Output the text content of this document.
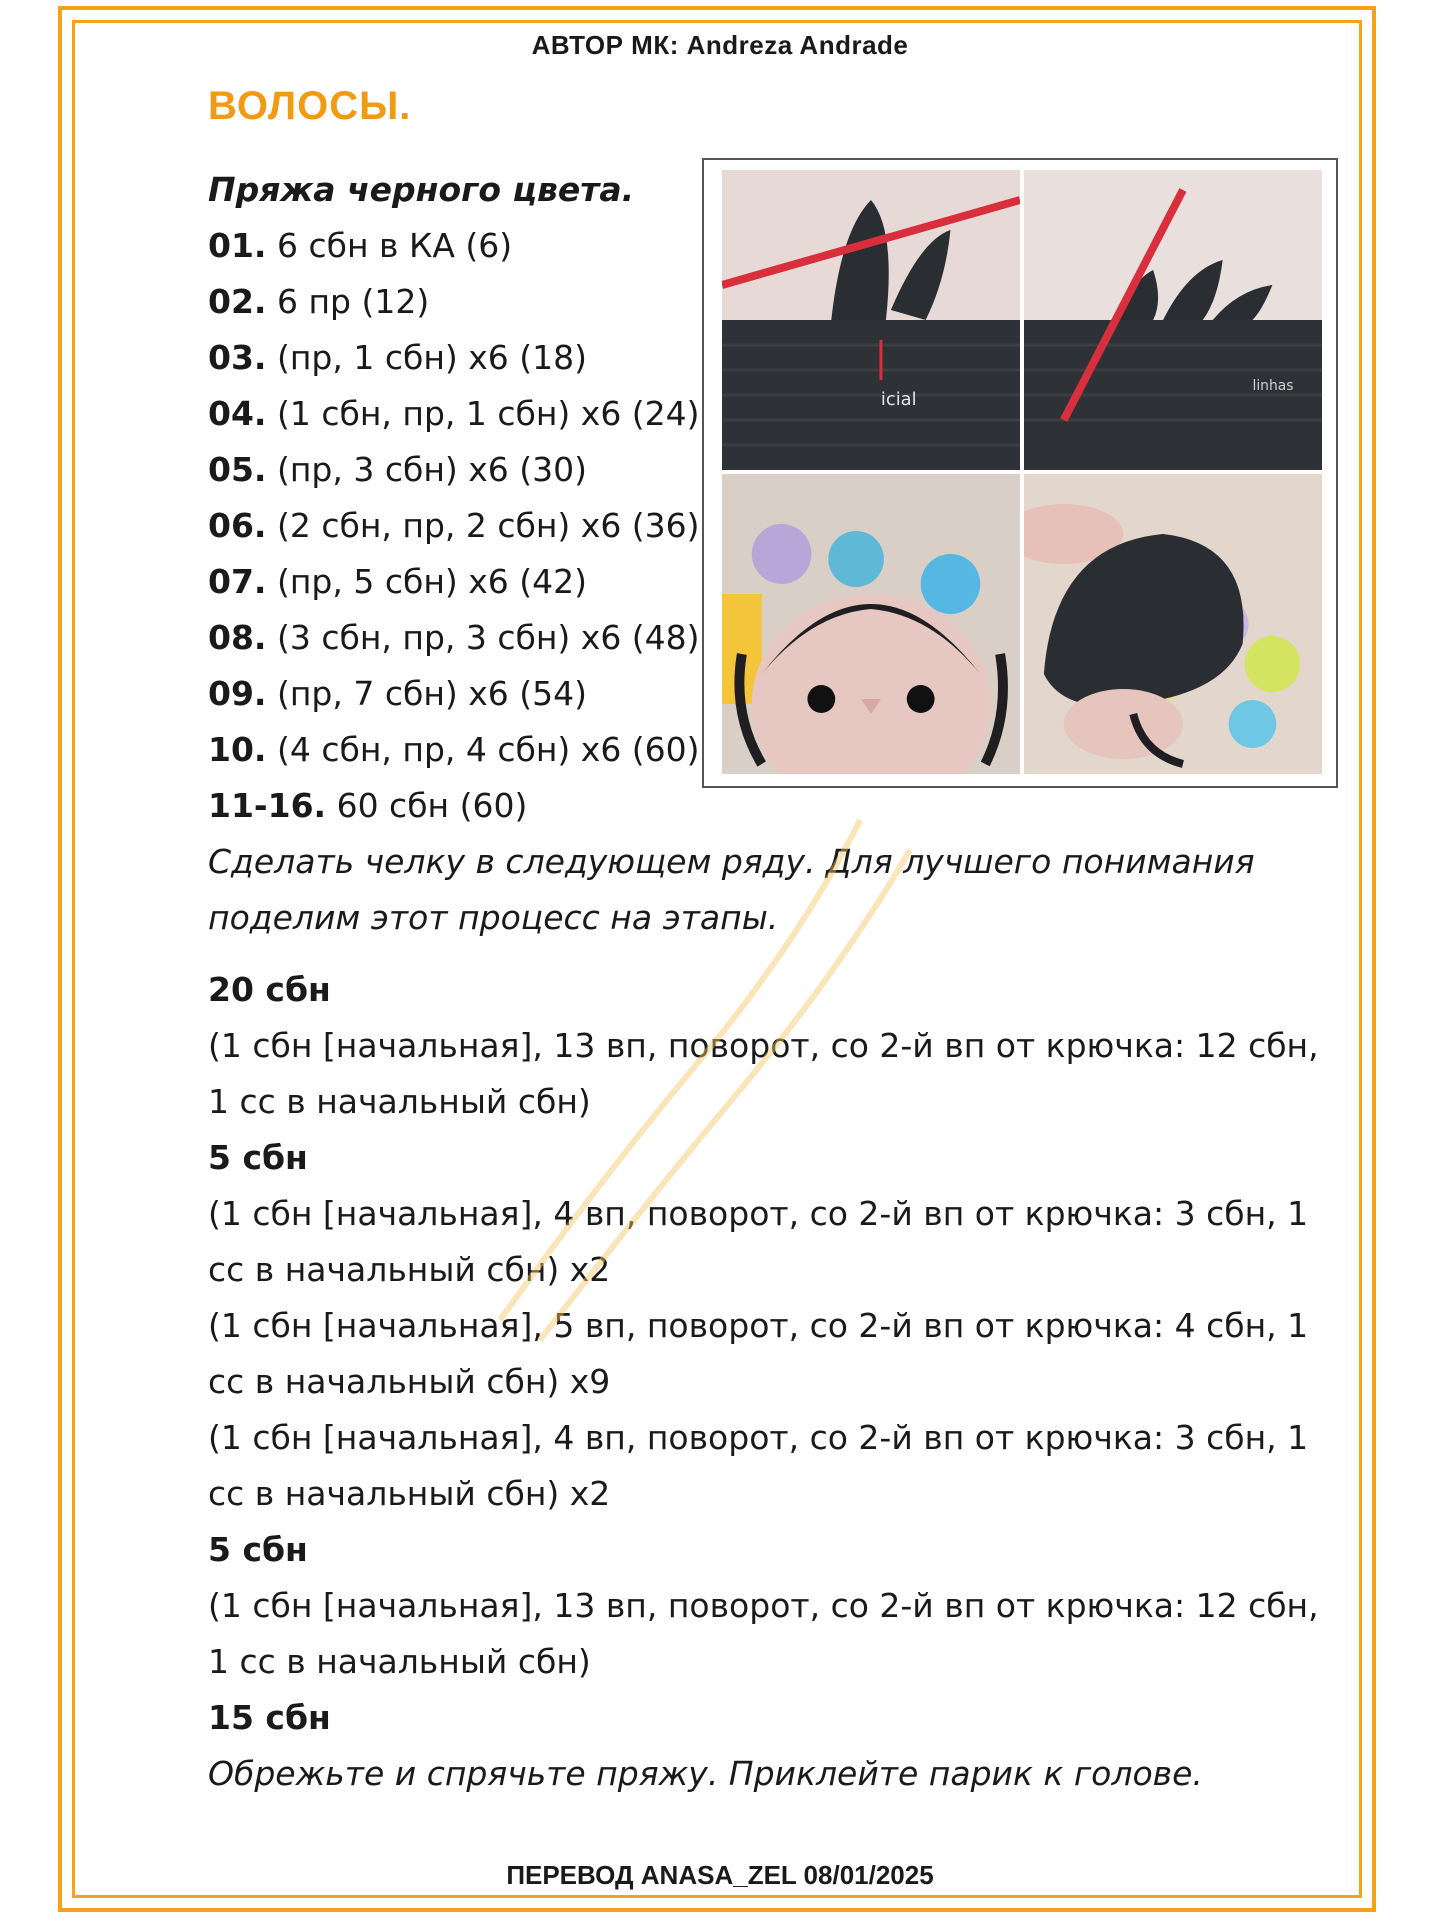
АВТОР МК: Andreza Andrade
ВОЛОСЫ.
Пряжа черного цвета.
01. 6 сбн в КА (6)
02. 6 пр (12)
03. (пр, 1 сбн) х6 (18)
04. (1 сбн, пр, 1 сбн) х6 (24)
05. (пр, 3 сбн) х6 (30)
06. (2 сбн, пр, 2 сбн) х6 (36)
07. (пр, 5 сбн) х6 (42)
08. (3 сбн, пр, 3 сбн) х6 (48)
09. (пр, 7 сбн) х6 (54)
10. (4 сбн, пр, 4 сбн) х6 (60)
11-16. 60 сбн (60)
Сделать челку в следующем ряду. Для лучшего понимания поделим этот процесс на этапы.
20 сбн
(1 сбн [начальная], 13 вп, поворот, со 2-й вп от крючка: 12 сбн, 1 сс в начальный сбн)
5 сбн
(1 сбн [начальная], 4 вп, поворот, со 2-й вп от крючка: 3 сбн, 1 сс в начальный сбн) х2
(1 сбн [начальная], 5 вп, поворот, со 2-й вп от крючка: 4 сбн, 1 сс в начальный сбн) х9
(1 сбн [начальная], 4 вп, поворот, со 2-й вп от крючка: 3 сбн, 1 сс в начальный сбн) х2
5 сбн
(1 сбн [начальная], 13 вп, поворот, со 2-й вп от крючка: 12 сбн, 1 сс в начальный сбн)
15 сбн
Обрежьте и спрячьте пряжу. Приклейте парик к голове.
icial
linhas
ПЕРЕВОД ANASA_ZEL 08/01/2025
